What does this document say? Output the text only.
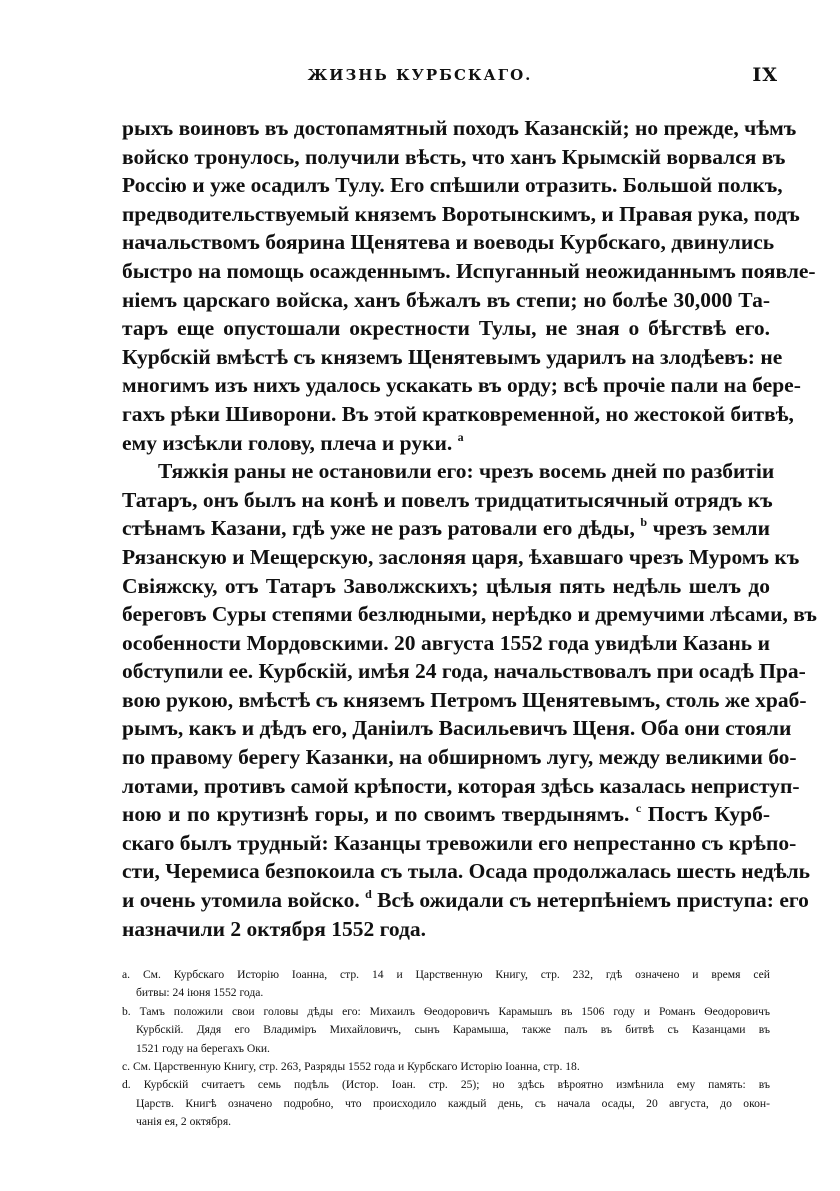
ЖИЗНЬ КУРБСКАГО.	IX
рыхъ воиновъ въ достопамятный походъ Казанскій; но прежде, чѣмъ
войско тронулось, получили вѣсть, что ханъ Крымскій ворвался въ
Россію и уже осадилъ Тулу. Его спѣшили отразить. Большой полкъ,
предводительствуемый княземъ Воротынскимъ, и Правая рука, подъ
начальствомъ боярина Щенятева и воеводы Курбскаго, двинулись
быстро на помощь осажденнымъ. Испуганный неожиданнымъ появле-
ніемъ царскаго войска, ханъ бѣжалъ въ степи; но болѣе 30,000 Та-
таръ еще опустошали окрестности Тулы, не зная о бѣгствѣ его.
Курбскій вмѣстѣ съ княземъ Щенятевымъ ударилъ на злодѣевъ: не
многимъ изъ нихъ удалось ускакать въ орду; всѣ прочіе пали на бере-
гахъ рѣки Шиворони. Въ этой кратковременной, но жестокой битвѣ,
ему изсѣкли голову, плеча и руки. $^a$
Тяжкія раны не остановили его: чрезъ восемь дней по разбитіи
Татаръ, онъ былъ на конѣ и повелъ тридцатитысячный отрядъ къ
стѣнамъ Казани, гдѣ уже не разъ ратовали его дѣды, $^b$ чрезъ земли
Рязанскую и Мещерскую, заслоняя царя, ѣхавшаго чрезъ Муромъ къ
Свіяжску, отъ Татаръ Заволжскихъ; цѣлыя пять недѣль шелъ до
береговъ Суры степями безлюдными, нерѣдко и дремучими лѣсами, въ
особенности Мордовскими. 20 августа 1552 года увидѣли Казань и
обступили ее. Курбскій, имѣя 24 года, начальствовалъ при осадѣ Пра-
вою рукою, вмѣстѣ съ княземъ Петромъ Щенятевымъ, столь же храб-
рымъ, какъ и дѣдъ его, Даніилъ Васильевичъ Щеня. Оба они стояли
по правому берегу Казанки, на обширномъ лугу, между великими бо-
лотами, противъ самой крѣпости, которая здѣсь казалась неприступ-
ною и по крутизнѣ горы, и по своимъ твердынямъ. $^c$ Постъ Курб-
скаго былъ трудный: Казанцы тревожили его непрестанно съ крѣпо-
сти, Черемиса безпокоила съ тыла. Осада продолжалась шесть недѣль
и очень утомила войско. $^d$ Всѣ ожидали съ нетерпѣніемъ приступа: его
назначили 2 октября 1552 года.
a. См. Курбскаго Исторію Іоанна, стр. 14 и Царственную Книгу, стр. 232, гдѣ означено и время сей
битвы: 24 іюня 1552 года.
b. Тамъ положили свои головы дѣды его: Михаилъ Ѳеодоровичъ Карамышъ въ 1506 году и Романъ Ѳеодоровичъ
Курбскій. Дядя его Владиміръ Михайловичъ, сынъ Карамыша, также палъ въ битвѣ съ Казанцами въ
1521 году на берегахъ Оки.
c. См. Царственную Книгу, стр. 263, Разряды 1552 года и Курбскаго Исторію Іоанна, стр. 18.
d. Курбскій считаетъ семь подѣль (Истор. Іоан. стр. 25); но здѣсь вѣроятно измѣнила ему память: въ
Царств. Книгѣ означено подробно, что происходило каждый день, съ начала осады, 20 августа, до окон-
чанія ея, 2 октября.
